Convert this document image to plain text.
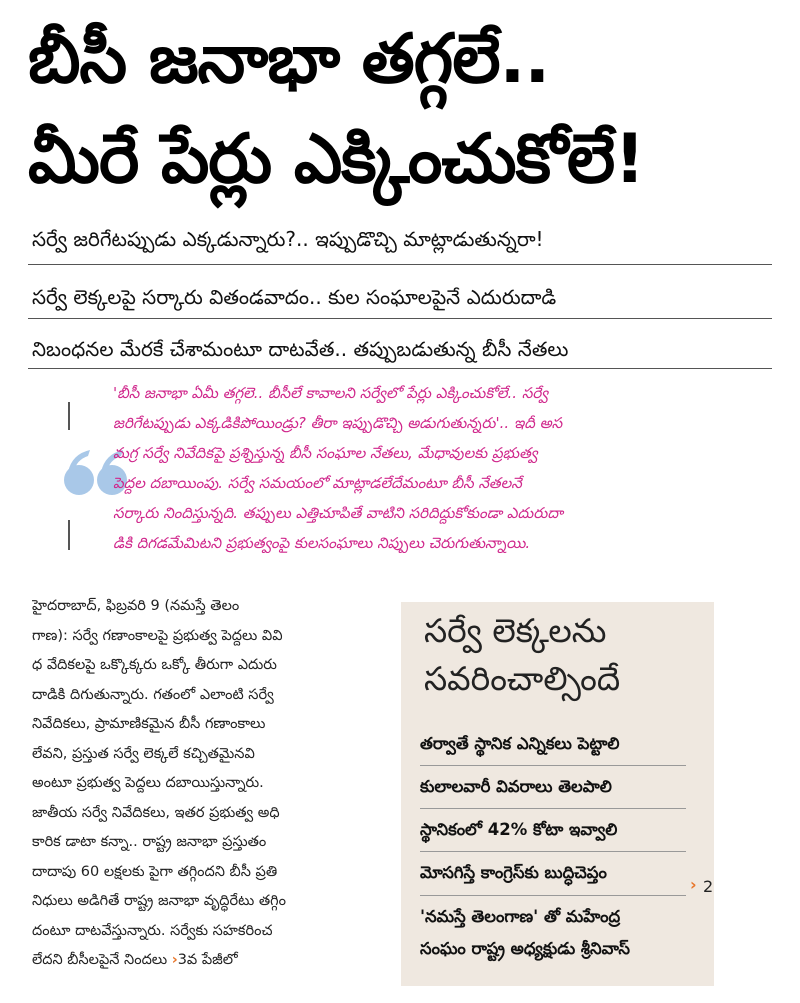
బీసీ జనాభా తగ్గలే..
మీరే పేర్లు ఎక్కించుకోలే!
సర్వే జరిగేటప్పుడు ఎక్కడున్నారు?.. ఇప్పుడొచ్చి మాట్లాడుతున్నరా!
సర్వే లెక్కలపై సర్కారు వితండవాదం.. కుల సంఘాలపైనే ఎదురుదాడి
నిబంధనల మేరకే చేశామంటూ దాటవేత.. తప్పుబడుతున్న బీసీ నేతలు
'బీసీ జనాభా ఏమీ తగ్గలె.. బీసీలే కావాలని సర్వేలో పేర్లు ఎక్కించుకోలే.. సర్వే
జరిగేటప్పుడు ఎక్కడికిపోయిండ్రు? తీరా ఇప్పుడొచ్చి అడుగుతున్నరు'.. ఇదీ అస
మగ్ర సర్వే నివేదికపై ప్రశ్నిస్తున్న బీసీ సంఘాల నేతలు, మేధావులకు ప్రభుత్వ
పెద్దల దబాయింపు. సర్వే సమయంలో మాట్లాడలేదేమంటూ బీసీ నేతలనే
సర్కారు నిందిస్తున్నది. తప్పులు ఎత్తిచూపితే వాటిని సరిదిద్దుకోకుండా ఎదురుదా
డికి దిగడమేమిటని ప్రభుత్వంపై కులసంఘాలు నిప్పులు చెరుగుతున్నాయి.
హైదరాబాద్, ఫిబ్రవరి 9 (నమస్తే తెలం
గాణ): సర్వే గణాంకాలపై ప్రభుత్వ పెద్దలు వివి
ధ వేదికలపై ఒక్కొక్కరు ఒక్కో తీరుగా ఎదురు
దాడికి దిగుతున్నారు. గతంలో ఎలాంటి సర్వే
నివేదికలు, ప్రామాణికమైన బీసీ గణాంకాలు
లేవని, ప్రస్తుత సర్వే లెక్కలే కచ్చితమైనవి
అంటూ ప్రభుత్వ పెద్దలు దబాయిస్తున్నారు.
జాతీయ సర్వే నివేదికలు, ఇతర ప్రభుత్వ అధి
కారిక డాటా కన్నా.. రాష్ట్ర జనాభా ప్రస్తుతం
దాదాపు 60 లక్షలకు పైగా తగ్గిందని బీసీ ప్రతి
నిధులు అడిగితే రాష్ట్ర జనాభా వృద్ధిరేటు తగ్గిం
దంటూ దాటవేస్తున్నారు. సర్వేకు సహకరించ
లేదని బీసీలపైనే నిందలు ›3వ పేజీలో
సర్వే లెక్కలను
సవరించాల్సిందే
తర్వాతే స్థానిక ఎన్నికలు పెట్టాలి
కులాలవారీ వివరాలు తెలపాలి
స్థానికంలో 42% కోటా ఇవ్వాలి
మోసగిస్తే కాంగ్రెస్‌కు బుద్ధిచెప్తం
› 2
'నమస్తే తెలంగాణ' తో మహేంద్ర
సంఘం రాష్ట్ర అధ్యక్షుడు శ్రీనివాస్
